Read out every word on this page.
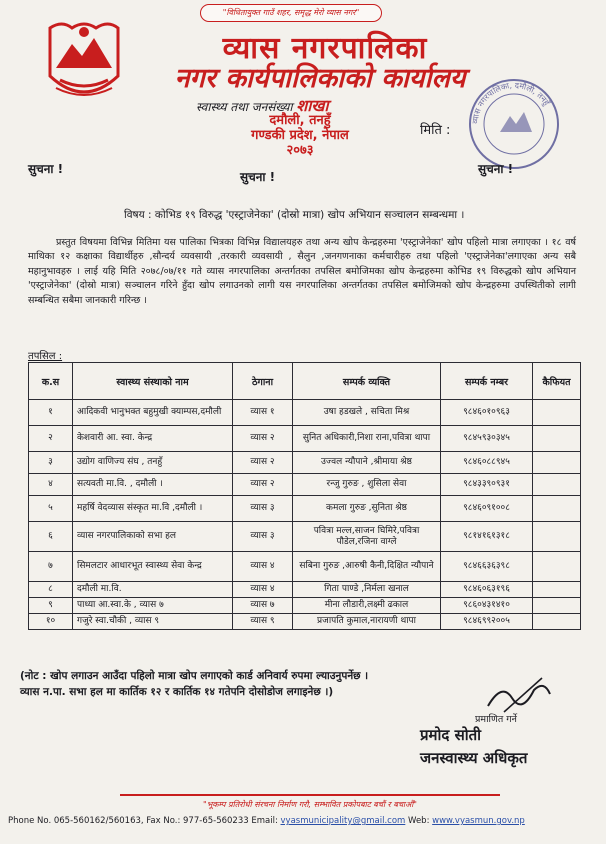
"विधितायुक्त गाउँ शहर, समृद्ध मेरो व्यास नगर"
व्यास नगरपालिका
नगर कार्यपालिकाको कार्यालय
स्वास्थ्य तथा जनसंख्या शाखा
दमौली, तनहुँ
गण्डकी प्रदेश, नेपाल
२०७३
मिति :
व्यास नगरपालिका, दमौली, तनहुँ
सुचना !
सुचना !
सुचना !
विषय : कोभिड १९ विरुद्ध 'एस्ट्राजेनेका' (दोस्रो मात्रा) खोप अभियान सञ्चालन सम्बन्धमा ।
प्रस्तुत विषयमा विभिन्न मितिमा यस पालिका भित्रका विभिन्न विद्यालयहरु तथा अन्य खोप केन्द्रहरुमा 'एस्ट्राजेनेका' खोप पहिलो मात्रा लगाएका । १८ वर्ष माथिका १२ कक्षाका विद्यार्थीहरु ,सौन्दर्य व्यवसायी ,तरकारी व्यवसायी , सैलुन ,जनगणनाका कर्मचारीहरु तथा पहिलो 'एस्ट्राजेनेका'लगाएका अन्य सबै महानुभावहरु । लाई यहि मिति २०७८/०७/११ गते व्यास नगरपालिका अन्तर्गतका तपसिल बमोजिमका खोप केन्द्रहरुमा कोभिड १९ विरुद्धको खोप अभियान 'एस्ट्राजेनेका' (दोस्रो मात्रा) सञ्चालन गरिने हुँदा खोप लगाउनको लागी यस नगरपालिका अन्तर्गतका तपसिल बमोजिमको खोप केन्द्रहरुमा उपस्थितीको लागी सम्बन्धित सबैमा जानकारी गरिन्छ ।
तपसिल :
क.स	स्वास्थ्य संस्थाको नाम	ठेगाना	सम्पर्क व्यक्ति	सम्पर्क नम्बर	कैफियत
१	आदिकवी भानुभक्त बहुमुखी क्याम्पस,दमौली	व्यास १	उषा हडखले , सचिता मिश्र	९८४६०१०९६३	
२	केशवारी आ. स्वा. केन्द्र	व्यास २	सुनित अधिकारी,निशा राना,पवित्रा थापा	९८४५९३०३४५	
३	उद्योग वाणिज्य संघ , तनहुँ	व्यास २	उज्वल न्यौपाने ,श्रीमाया श्रेष्ठ	९८४६०८८९४५	
४	सत्यवती मा.वि. , दमौली ।	व्यास २	रन्जु गुरुङ , शुसिला सेवा	९८४३३९०९३१	
५	महर्षि वेदव्यास संस्कृत मा.वि ,दमौली ।	व्यास ३	कमला गुरुङ ,सुनिता श्रेष्ठ	९८४६०९१००८	
६	व्यास नगरपालिकाको सभा हल	व्यास ३	पवित्रा मल्ल,साजन घिमिरे,पवित्रा पौडेल,रजिना वाग्ले	९८१४१६१३१८	
७	सिमलटार आधारभूत स्वास्थ्य सेवा केन्द्र	व्यास ४	सबिना गुरुङ ,आरुषी कैनी,दिक्षित न्यौपाने	९८४६६३६३९८	
८	दमौली मा.वि.	व्यास ४	गिता पाण्डे ,निर्मला खनाल	९८४६०६३१९६	
९	पाध्या आ.स्वा.के , व्यास ७	व्यास ७	मीना लौडारी,लक्ष्मी ढकाल	९८६०४३१४१०	
१०	गजुरे स्वा.चौकी , व्यास ९	व्यास ९	प्रजापति कुमाल,नारायणी थापा	९८४६९९२००५	
(नोट : खोप लगाउन आउँदा पहिलो मात्रा खोप लगाएको कार्ड अनिवार्य रुपमा ल्याउनुपर्नेछ ।
व्यास न.पा. सभा हल मा कार्तिक १२ र कार्तिक १४ गतेपनि दोसोडोज लगाइनेछ ।)
प्रमाणित गर्ने
प्रमोद सोती
जनस्वास्थ्य अधिकृत
"भूकम्प प्रतिरोधी संरचना निर्माण गरौ, सम्भावित प्रकोपबाट बचौं र बचाऔं"
Phone No. 065-560162/560163, Fax No.: 977-65-560233 Email: vyasmunicipality@gmail.com Web: www.vyasmun.gov.np
